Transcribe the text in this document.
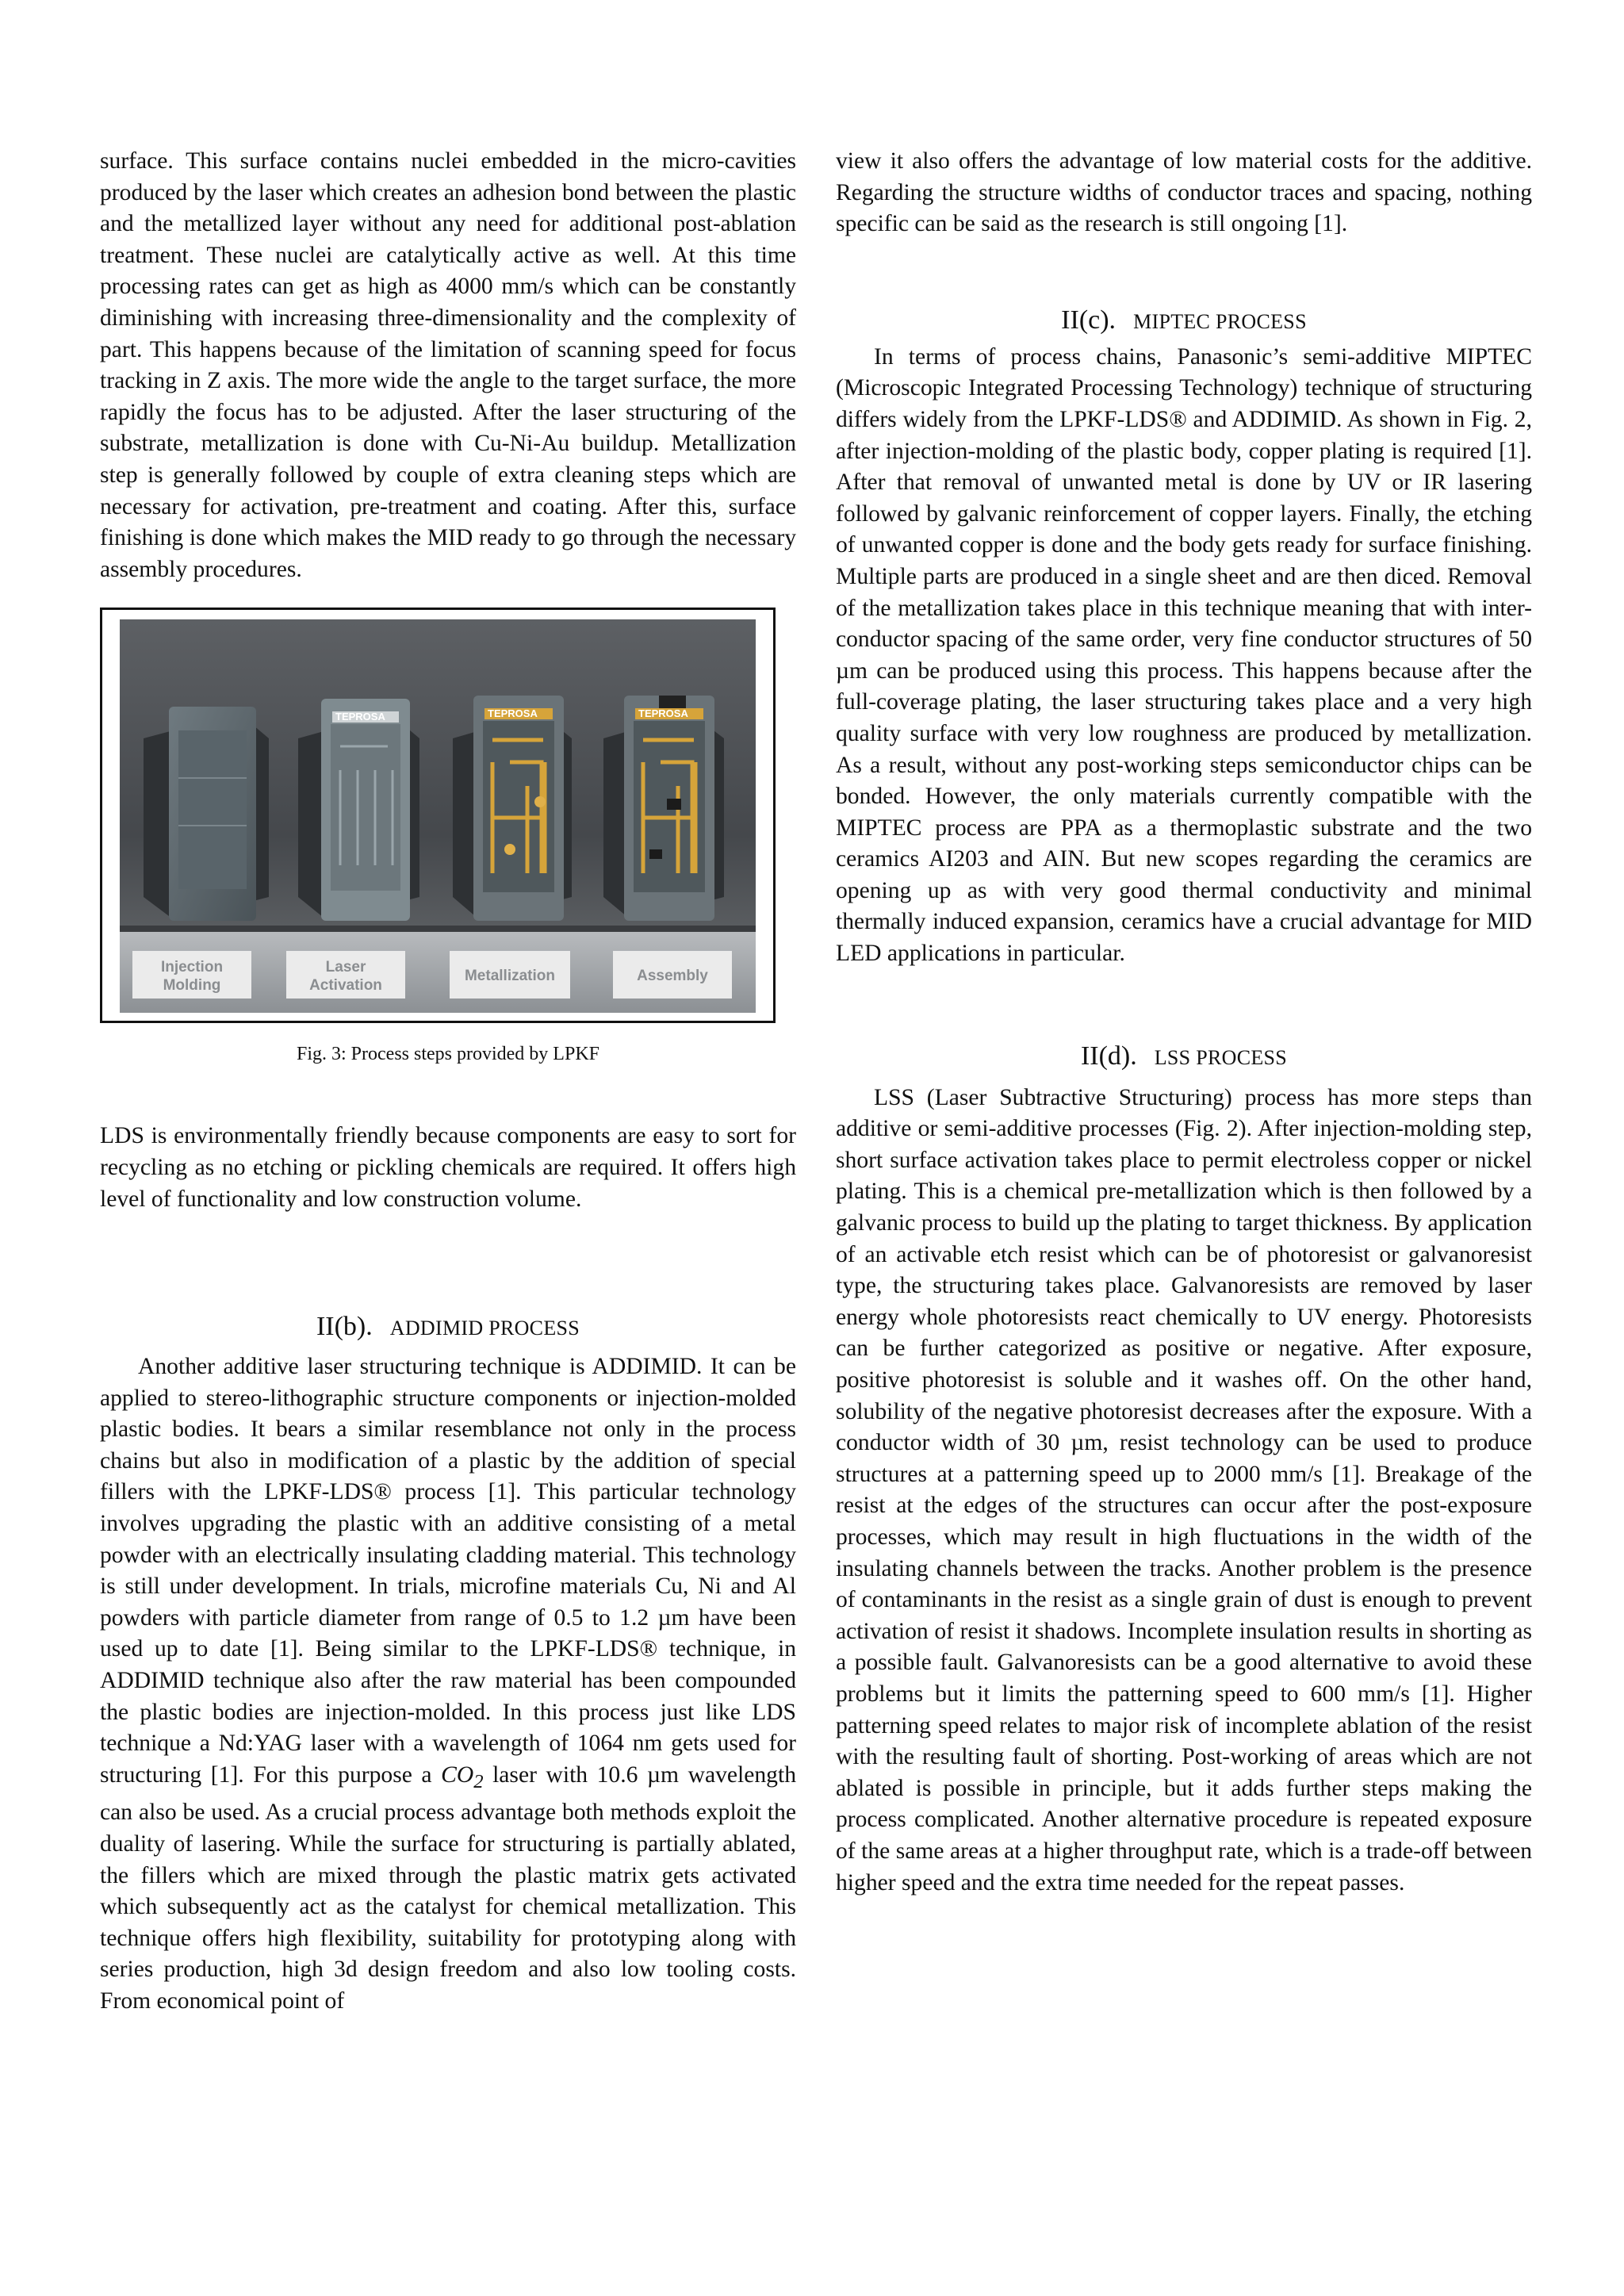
surface. This surface contains nuclei embedded in the micro-cavities produced by the laser which creates an adhesion bond between the plastic and the metallized layer without any need for additional post-ablation treatment. These nuclei are catalytically active as well. At this time processing rates can get as high as 4000 mm/s which can be constantly diminishing with increasing three-dimensionality and the complexity of part. This happens because of the limitation of scanning speed for focus tracking in Z axis. The more wide the angle to the target surface, the more rapidly the focus has to be adjusted. After the laser structuring of the substrate, metallization is done with Cu-Ni-Au buildup. Metallization step is generally followed by couple of extra cleaning steps which are necessary for activation, pre-treatment and coating. After this, surface finishing is done which makes the MID ready to go through the necessary assembly procedures.

TEPROSA	TEPROSA	TEPROSA
Injection
Molding
Laser
Activation
Metallization	Assembly
Fig. 3: Process steps provided by LPKF

LDS is environmentally friendly because components are easy to sort for recycling as no etching or pickling chemicals are required. It offers high level of functionality and low construction volume.

II(b). ADDIMID PROCESS

Another additive laser structuring technique is ADDIMID. It can be applied to stereo-lithographic structure components or injection-molded plastic bodies. It bears a similar resemblance not only in the process chains but also in modification of a plastic by the addition of special fillers with the LPKF-LDS® process [1]. This particular technology involves upgrading the plastic with an additive consisting of a metal powder with an electrically insulating cladding material. This technology is still under development. In trials, microfine materials Cu, Ni and Al powders with particle diameter from range of 0.5 to 1.2 µm have been used up to date [1]. Being similar to the LPKF-LDS® technique, in ADDIMID technique also after the raw material has been compounded the plastic bodies are injection-molded. In this process just like LDS technique a Nd:YAG laser with a wavelength of 1064 nm gets used for structuring [1]. For this purpose a $CO_2$ laser with 10.6 µm wavelength can also be used. As a crucial process advantage both methods exploit the duality of lasering. While the surface for structuring is partially ablated, the fillers which are mixed through the plastic matrix gets activated which subsequently act as the catalyst for chemical metallization. This technique offers high flexibility, suitability for prototyping along with series production, high 3d design freedom and also low tooling costs. From economical point of

view it also offers the advantage of low material costs for the additive. Regarding the structure widths of conductor traces and spacing, nothing specific can be said as the research is still ongoing [1].

II(c). MIPTEC PROCESS

In terms of process chains, Panasonic’s semi-additive MIPTEC (Microscopic Integrated Processing Technology) technique of structuring differs widely from the LPKF-LDS® and ADDIMID. As shown in Fig. 2, after injection-molding of the plastic body, copper plating is required [1]. After that removal of unwanted metal is done by UV or IR lasering followed by galvanic reinforcement of copper layers. Finally, the etching of unwanted copper is done and the body gets ready for surface finishing. Multiple parts are produced in a single sheet and are then diced. Removal of the metallization takes place in this technique meaning that with inter-conductor spacing of the same order, very fine conductor structures of 50 µm can be produced using this process. This happens because after the full-coverage plating, the laser structuring takes place and a very high quality surface with very low roughness are produced by metallization. As a result, without any post-working steps semiconductor chips can be bonded. However, the only materials currently compatible with the MIPTEC process are PPA as a thermoplastic substrate and the two ceramics AI203 and AIN. But new scopes regarding the ceramics are opening up as with very good thermal conductivity and minimal thermally induced expansion, ceramics have a crucial advantage for MID LED applications in particular.

II(d). LSS PROCESS

LSS (Laser Subtractive Structuring) process has more steps than additive or semi-additive processes (Fig. 2). After injection-molding step, short surface activation takes place to permit electroless copper or nickel plating. This is a chemical pre-metallization which is then followed by a galvanic process to build up the plating to target thickness. By application of an activable etch resist which can be of photoresist or galvanoresist type, the structuring takes place. Galvanoresists are removed by laser energy whole photoresists react chemically to UV energy. Photoresists can be further categorized as positive or negative. After exposure, positive photoresist is soluble and it washes off. On the other hand, solubility of the negative photoresist decreases after the exposure. With a conductor width of 30 µm, resist technology can be used to produce structures at a patterning speed up to 2000 mm/s [1]. Breakage of the resist at the edges of the structures can occur after the post-exposure processes, which may result in high fluctuations in the width of the insulating channels between the tracks. Another problem is the presence of contaminants in the resist as a single grain of dust is enough to prevent activation of resist it shadows. Incomplete insulation results in shorting as a possible fault. Galvanoresists can be a good alternative to avoid these problems but it limits the patterning speed to 600 mm/s [1]. Higher patterning speed relates to major risk of incomplete ablation of the resist with the resulting fault of shorting. Post-working of areas which are not ablated is possible in principle, but it adds further steps making the process complicated. Another alternative procedure is repeated exposure of the same areas at a higher throughput rate, which is a trade-off between higher speed and the extra time needed for the repeat passes.
